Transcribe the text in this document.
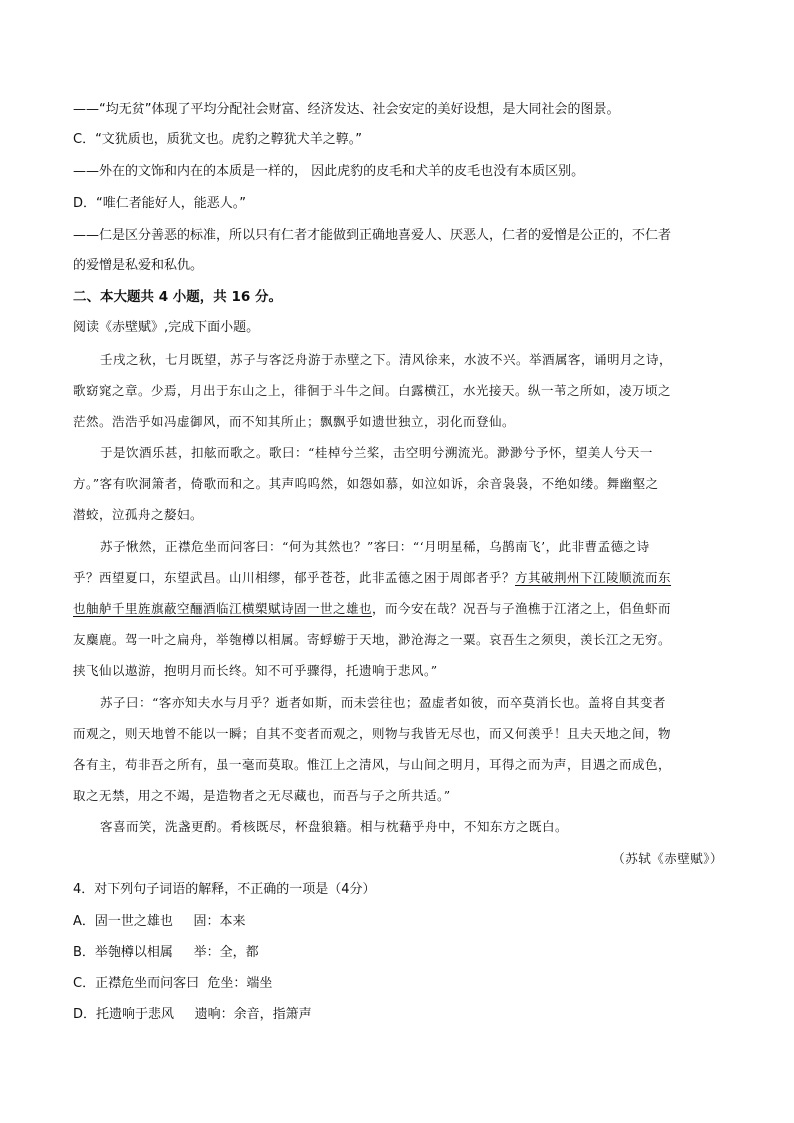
——“均无贫”体现了平均分配社会财富、经济发达、社会安定的美好设想，是大同社会的图景。
C．“文犹质也，质犹文也。虎豹之鞟犹犬羊之鞟。”
——外在的文饰和内在的本质是一样的， 因此虎豹的皮毛和犬羊的皮毛也没有本质区别。
D．“唯仁者能好人，能恶人。”
——仁是区分善恶的标准，所以只有仁者才能做到正确地喜爱人、厌恶人，仁者的爱憎是公正的，不仁者
的爱憎是私爱和私仇。
二、本大题共 4 小题，共 16 分。
阅读《赤壁赋》,完成下面小题。
壬戌之秋，七月既望，苏子与客泛舟游于赤壁之下。清风徐来，水波不兴。举酒属客，诵明月之诗，
歌窈窕之章。少焉，月出于东山之上，徘徊于斗牛之间。白露横江，水光接天。纵一苇之所如，凌万顷之
茫然。浩浩乎如冯虚御风，而不知其所止；飘飘乎如遗世独立，羽化而登仙。
于是饮酒乐甚，扣舷而歌之。歌曰：“桂棹兮兰桨，击空明兮溯流光。渺渺兮予怀，望美人兮天一
方。”客有吹洞箫者，倚歌而和之。其声呜呜然，如怨如慕，如泣如诉，余音袅袅，不绝如缕。舞幽壑之
潜蛟，泣孤舟之嫠妇。
苏子愀然，正襟危坐而问客曰：“何为其然也？”客曰：“‘月明星稀，乌鹊南飞’，此非曹孟德之诗
乎？西望夏口，东望武昌。山川相缪，郁乎苍苍，此非孟德之困于周郎者乎？方其破荆州下江陵顺流而东
也舳舻千里旌旗蔽空酾酒临江横槊赋诗固一世之雄也，而今安在哉？况吾与子渔樵于江渚之上，侣鱼虾而
友麋鹿。驾一叶之扁舟，举匏樽以相属。寄蜉蝣于天地，渺沧海之一粟。哀吾生之须臾，羡长江之无穷。
挟飞仙以遨游，抱明月而长终。知不可乎骤得，托遗响于悲风。”
苏子曰：“客亦知夫水与月乎？逝者如斯，而未尝往也；盈虚者如彼，而卒莫消长也。盖将自其变者
而观之，则天地曾不能以一瞬；自其不变者而观之，则物与我皆无尽也，而又何羡乎！且夫天地之间，物
各有主，苟非吾之所有，虽一毫而莫取。惟江上之清风，与山间之明月，耳得之而为声，目遇之而成色，
取之无禁，用之不竭，是造物者之无尽藏也，而吾与子之所共适。”
客喜而笑，洗盏更酌。肴核既尽，杯盘狼籍。相与枕藉乎舟中，不知东方之既白。
（苏轼《赤壁赋》）
4．对下列句子词语的解释，不正确的一项是（4分）
A．固一世之雄也     固：本来
B．举匏樽以相属     举：全，都
C．正襟危坐而问客曰  危坐：端坐
D．托遗响于悲风     遗响：余音，指箫声
